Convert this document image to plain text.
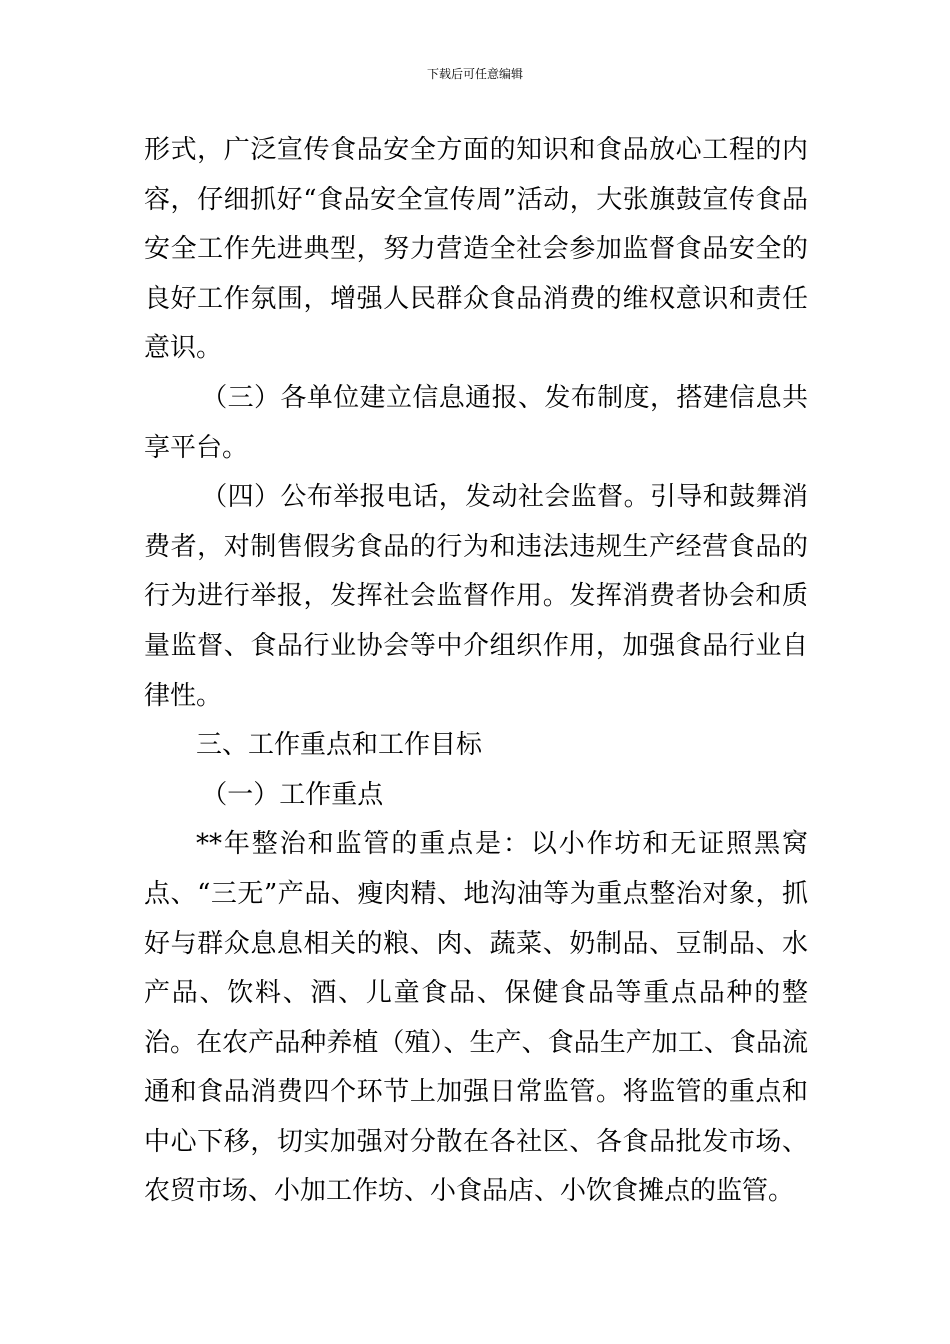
下载后可任意编辑

形式，广泛宣传食品安全方面的知识和食品放心工程的内容，仔细抓好“食品安全宣传周”活动，大张旗鼓宣传食品安全工作先进典型，努力营造全社会参加监督食品安全的良好工作氛围，增强人民群众食品消费的维权意识和责任意识。

（三）各单位建立信息通报、发布制度，搭建信息共享平台。

（四）公布举报电话，发动社会监督。引导和鼓舞消费者，对制售假劣食品的行为和违法违规生产经营食品的行为进行举报，发挥社会监督作用。发挥消费者协会和质量监督、食品行业协会等中介组织作用，加强食品行业自律性。

三、工作重点和工作目标

（一）工作重点

**年整治和监管的重点是：以小作坊和无证照黑窝点、“三无”产品、瘦肉精、地沟油等为重点整治对象，抓好与群众息息相关的粮、肉、蔬菜、奶制品、豆制品、水产品、饮料、酒、儿童食品、保健食品等重点品种的整治。在农产品种养植（殖）、生产、食品生产加工、食品流通和食品消费四个环节上加强日常监管。将监管的重点和中心下移，切实加强对分散在各社区、各食品批发市场、农贸市场、小加工作坊、小食品店、小饮食摊点的监管。
